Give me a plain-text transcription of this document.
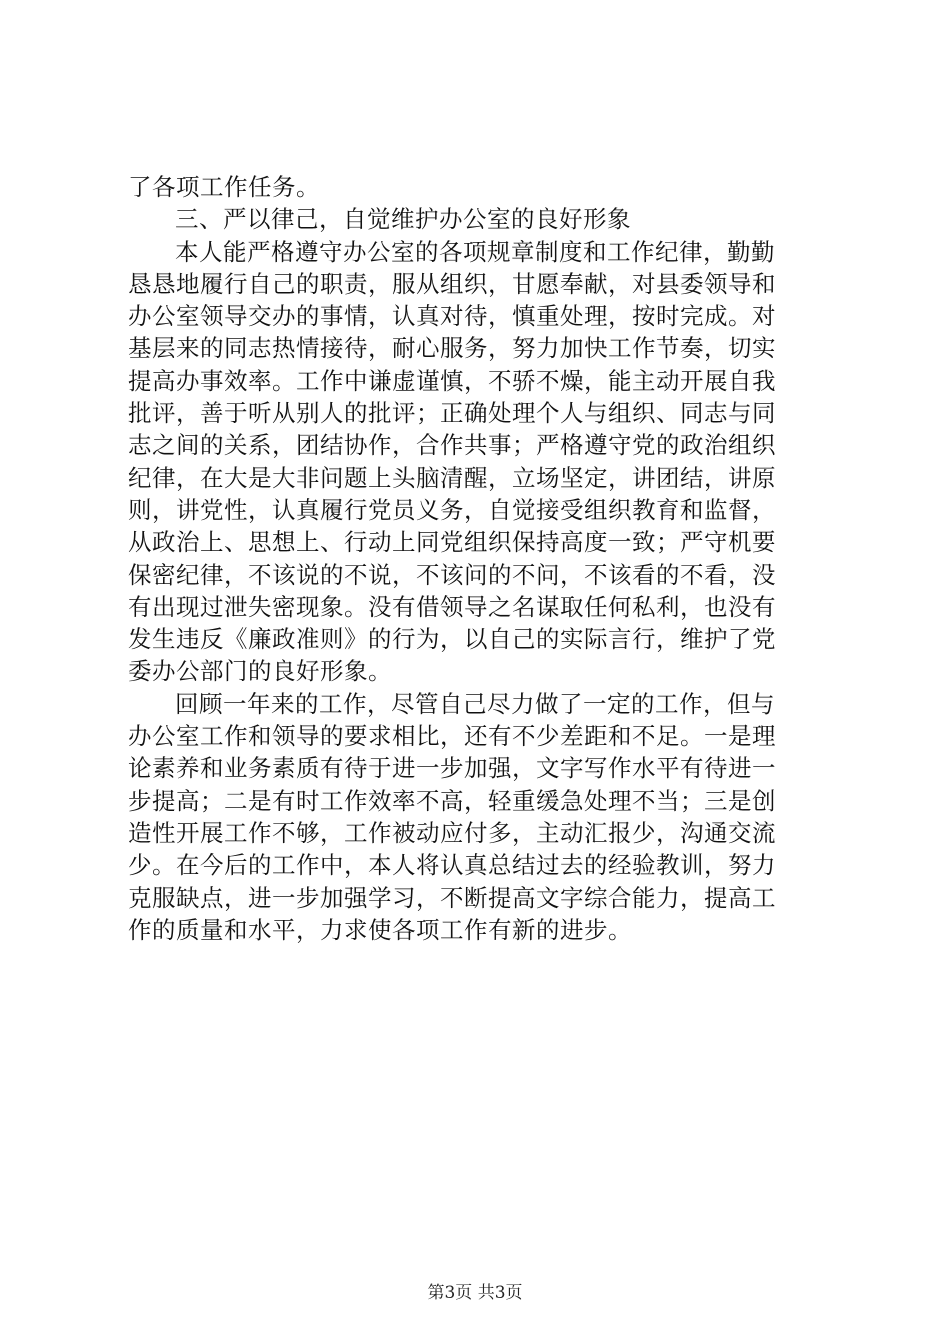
了各项工作任务。
三、严以律己，自觉维护办公室的良好形象
本人能严格遵守办公室的各项规章制度和工作纪律，勤勤
恳恳地履行自己的职责，服从组织，甘愿奉献，对县委领导和
办公室领导交办的事情，认真对待，慎重处理，按时完成。对
基层来的同志热情接待，耐心服务，努力加快工作节奏，切实
提高办事效率。工作中谦虚谨慎，不骄不燥，能主动开展自我
批评，善于听从别人的批评；正确处理个人与组织、同志与同
志之间的关系，团结协作，合作共事；严格遵守党的政治组织
纪律，在大是大非问题上头脑清醒，立场坚定，讲团结，讲原
则，讲党性，认真履行党员义务，自觉接受组织教育和监督，
从政治上、思想上、行动上同党组织保持高度一致；严守机要
保密纪律，不该说的不说，不该问的不问，不该看的不看，没
有出现过泄失密现象。没有借领导之名谋取任何私利，也没有
发生违反《廉政准则》的行为，以自己的实际言行，维护了党
委办公部门的良好形象。
回顾一年来的工作，尽管自己尽力做了一定的工作，但与
办公室工作和领导的要求相比，还有不少差距和不足。一是理
论素养和业务素质有待于进一步加强，文字写作水平有待进一
步提高；二是有时工作效率不高，轻重缓急处理不当；三是创
造性开展工作不够，工作被动应付多，主动汇报少，沟通交流
少。在今后的工作中，本人将认真总结过去的经验教训，努力
克服缺点，进一步加强学习，不断提高文字综合能力，提高工
作的质量和水平，力求使各项工作有新的进步。
第3页 共3页
